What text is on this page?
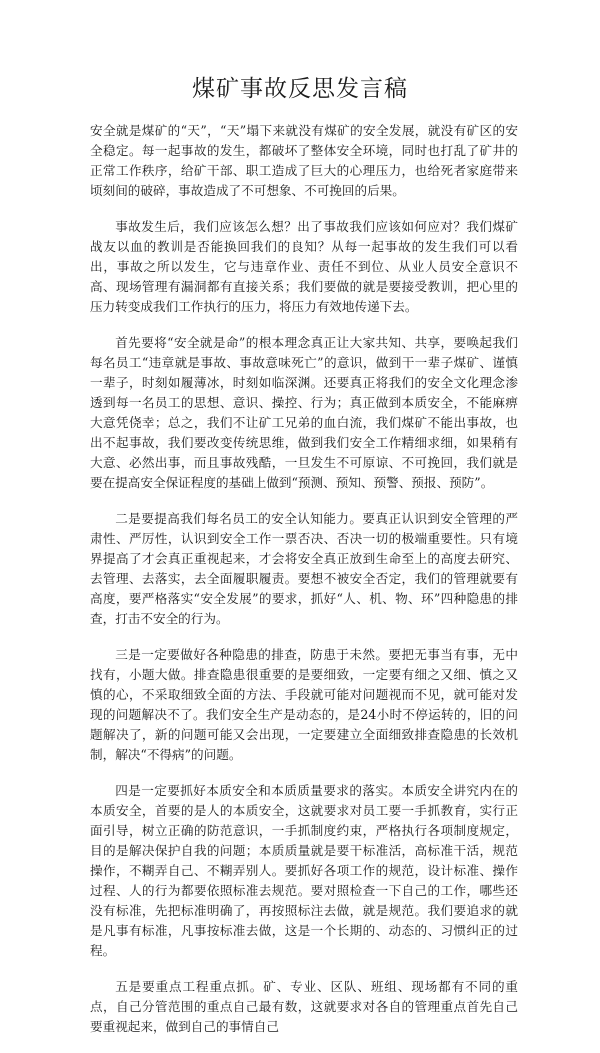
煤矿事故反思发言稿

安全就是煤矿的“天”，“天”塌下来就没有煤矿的安全发展，就没有矿区的安全稳定。每一起事故的发生，都破坏了整体安全环境，同时也打乱了矿井的正常工作秩序，给矿干部、职工造成了巨大的心理压力，也给死者家庭带来顷刻间的破碎，事故造成了不可想象、不可挽回的后果。

事故发生后，我们应该怎么想？出了事故我们应该如何应对？我们煤矿战友以血的教训是否能换回我们的良知？从每一起事故的发生我们可以看出，事故之所以发生，它与违章作业、责任不到位、从业人员安全意识不高、现场管理有漏洞都有直接关系；我们要做的就是要接受教训，把心里的压力转变成我们工作执行的压力，将压力有效地传递下去。

首先要将“安全就是命”的根本理念真正让大家共知、共享，要唤起我们每名员工“违章就是事故、事故意味死亡”的意识，做到干一辈子煤矿、谨慎一辈子，时刻如履薄冰，时刻如临深渊。还要真正将我们的安全文化理念渗透到每一名员工的思想、意识、操控、行为；真正做到本质安全，不能麻痹大意凭侥幸；总之，我们不让矿工兄弟的血白流，我们煤矿不能出事故，也出不起事故，我们要改变传统思维，做到我们安全工作精细求细，如果稍有大意、必然出事，而且事故残酷，一旦发生不可原谅、不可挽回，我们就是要在提高安全保证程度的基础上做到“预测、预知、预警、预报、预防”。

二是要提高我们每名员工的安全认知能力。要真正认识到安全管理的严肃性、严厉性，认识到安全工作一票否决、否决一切的极端重要性。只有境界提高了才会真正重视起来，才会将安全真正放到生命至上的高度去研究、去管理、去落实，去全面履职履责。要想不被安全否定，我们的管理就要有高度，要严格落实“安全发展”的要求，抓好“人、机、物、环”四种隐患的排查，打击不安全的行为。

三是一定要做好各种隐患的排查，防患于未然。要把无事当有事，无中找有，小题大做。排查隐患很重要的是要细致，一定要有细之又细、慎之又慎的心，不采取细致全面的方法、手段就可能对问题视而不见，就可能对发现的问题解决不了。我们安全生产是动态的，是24小时不停运转的，旧的问题解决了，新的问题可能又会出现，一定要建立全面细致排查隐患的长效机制，解决“不得病”的问题。

四是一定要抓好本质安全和本质质量要求的落实。本质安全讲究内在的本质安全，首要的是人的本质安全，这就要求对员工要一手抓教育，实行正面引导，树立正确的防范意识，一手抓制度约束，严格执行各项制度规定，目的是解决保护自我的问题；本质质量就是要干标准活，高标准干活，规范操作，不糊弄自己、不糊弄别人。要抓好各项工作的规范，设计标准、操作过程、人的行为都要依照标准去规范。要对照检查一下自己的工作，哪些还没有标准，先把标准明确了，再按照标注去做，就是规范。我们要追求的就是凡事有标准，凡事按标准去做，这是一个长期的、动态的、习惯纠正的过程。

五是要重点工程重点抓。矿、专业、区队、班组、现场都有不同的重点，自己分管范围的重点自己最有数，这就要求对各自的管理重点首先自己要重视起来，做到自己的事情自己
